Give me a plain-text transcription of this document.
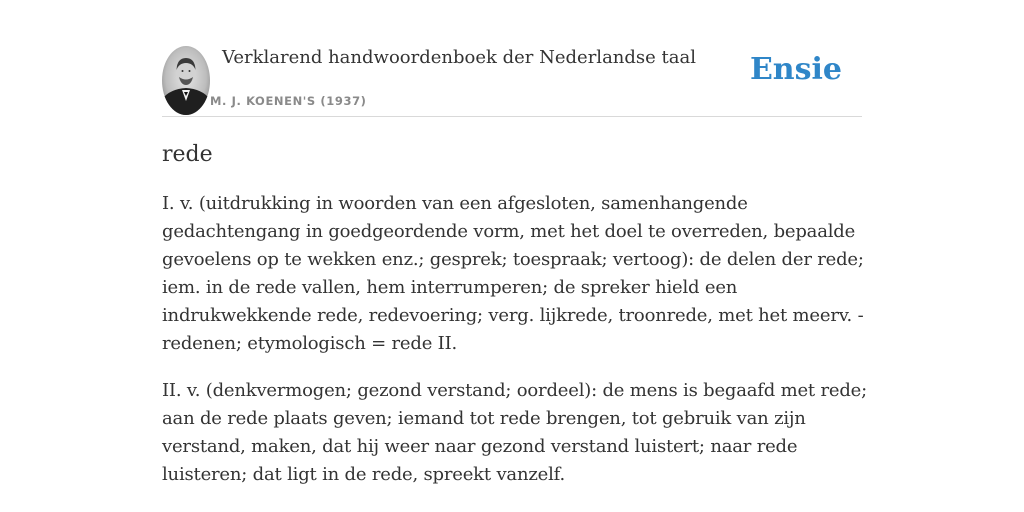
Verklarend handwoordenboek der Nederlandse taal
M. J. KOENEN'S (1937)
Ensie
rede

I. v. (uitdrukking in woorden van een afgesloten, samenhangende gedachtengang in goedgeordende vorm, met het doel te overreden, bepaalde gevoelens op te wekken enz.; gesprek; toespraak; vertoog): de delen der rede; iem. in de rede vallen, hem interrumperen; de spreker hield een indrukwekkende rede, redevoering; verg. lijkrede, troonrede, met het meerv. -redenen; etymologisch = rede II.

II. v. (denkvermogen; gezond verstand; oordeel): de mens is begaafd met rede; aan de rede plaats geven; iemand tot rede brengen, tot gebruik van zijn verstand, maken, dat hij weer naar gezond verstand luistert; naar rede luisteren; dat ligt in de rede, spreekt vanzelf.
